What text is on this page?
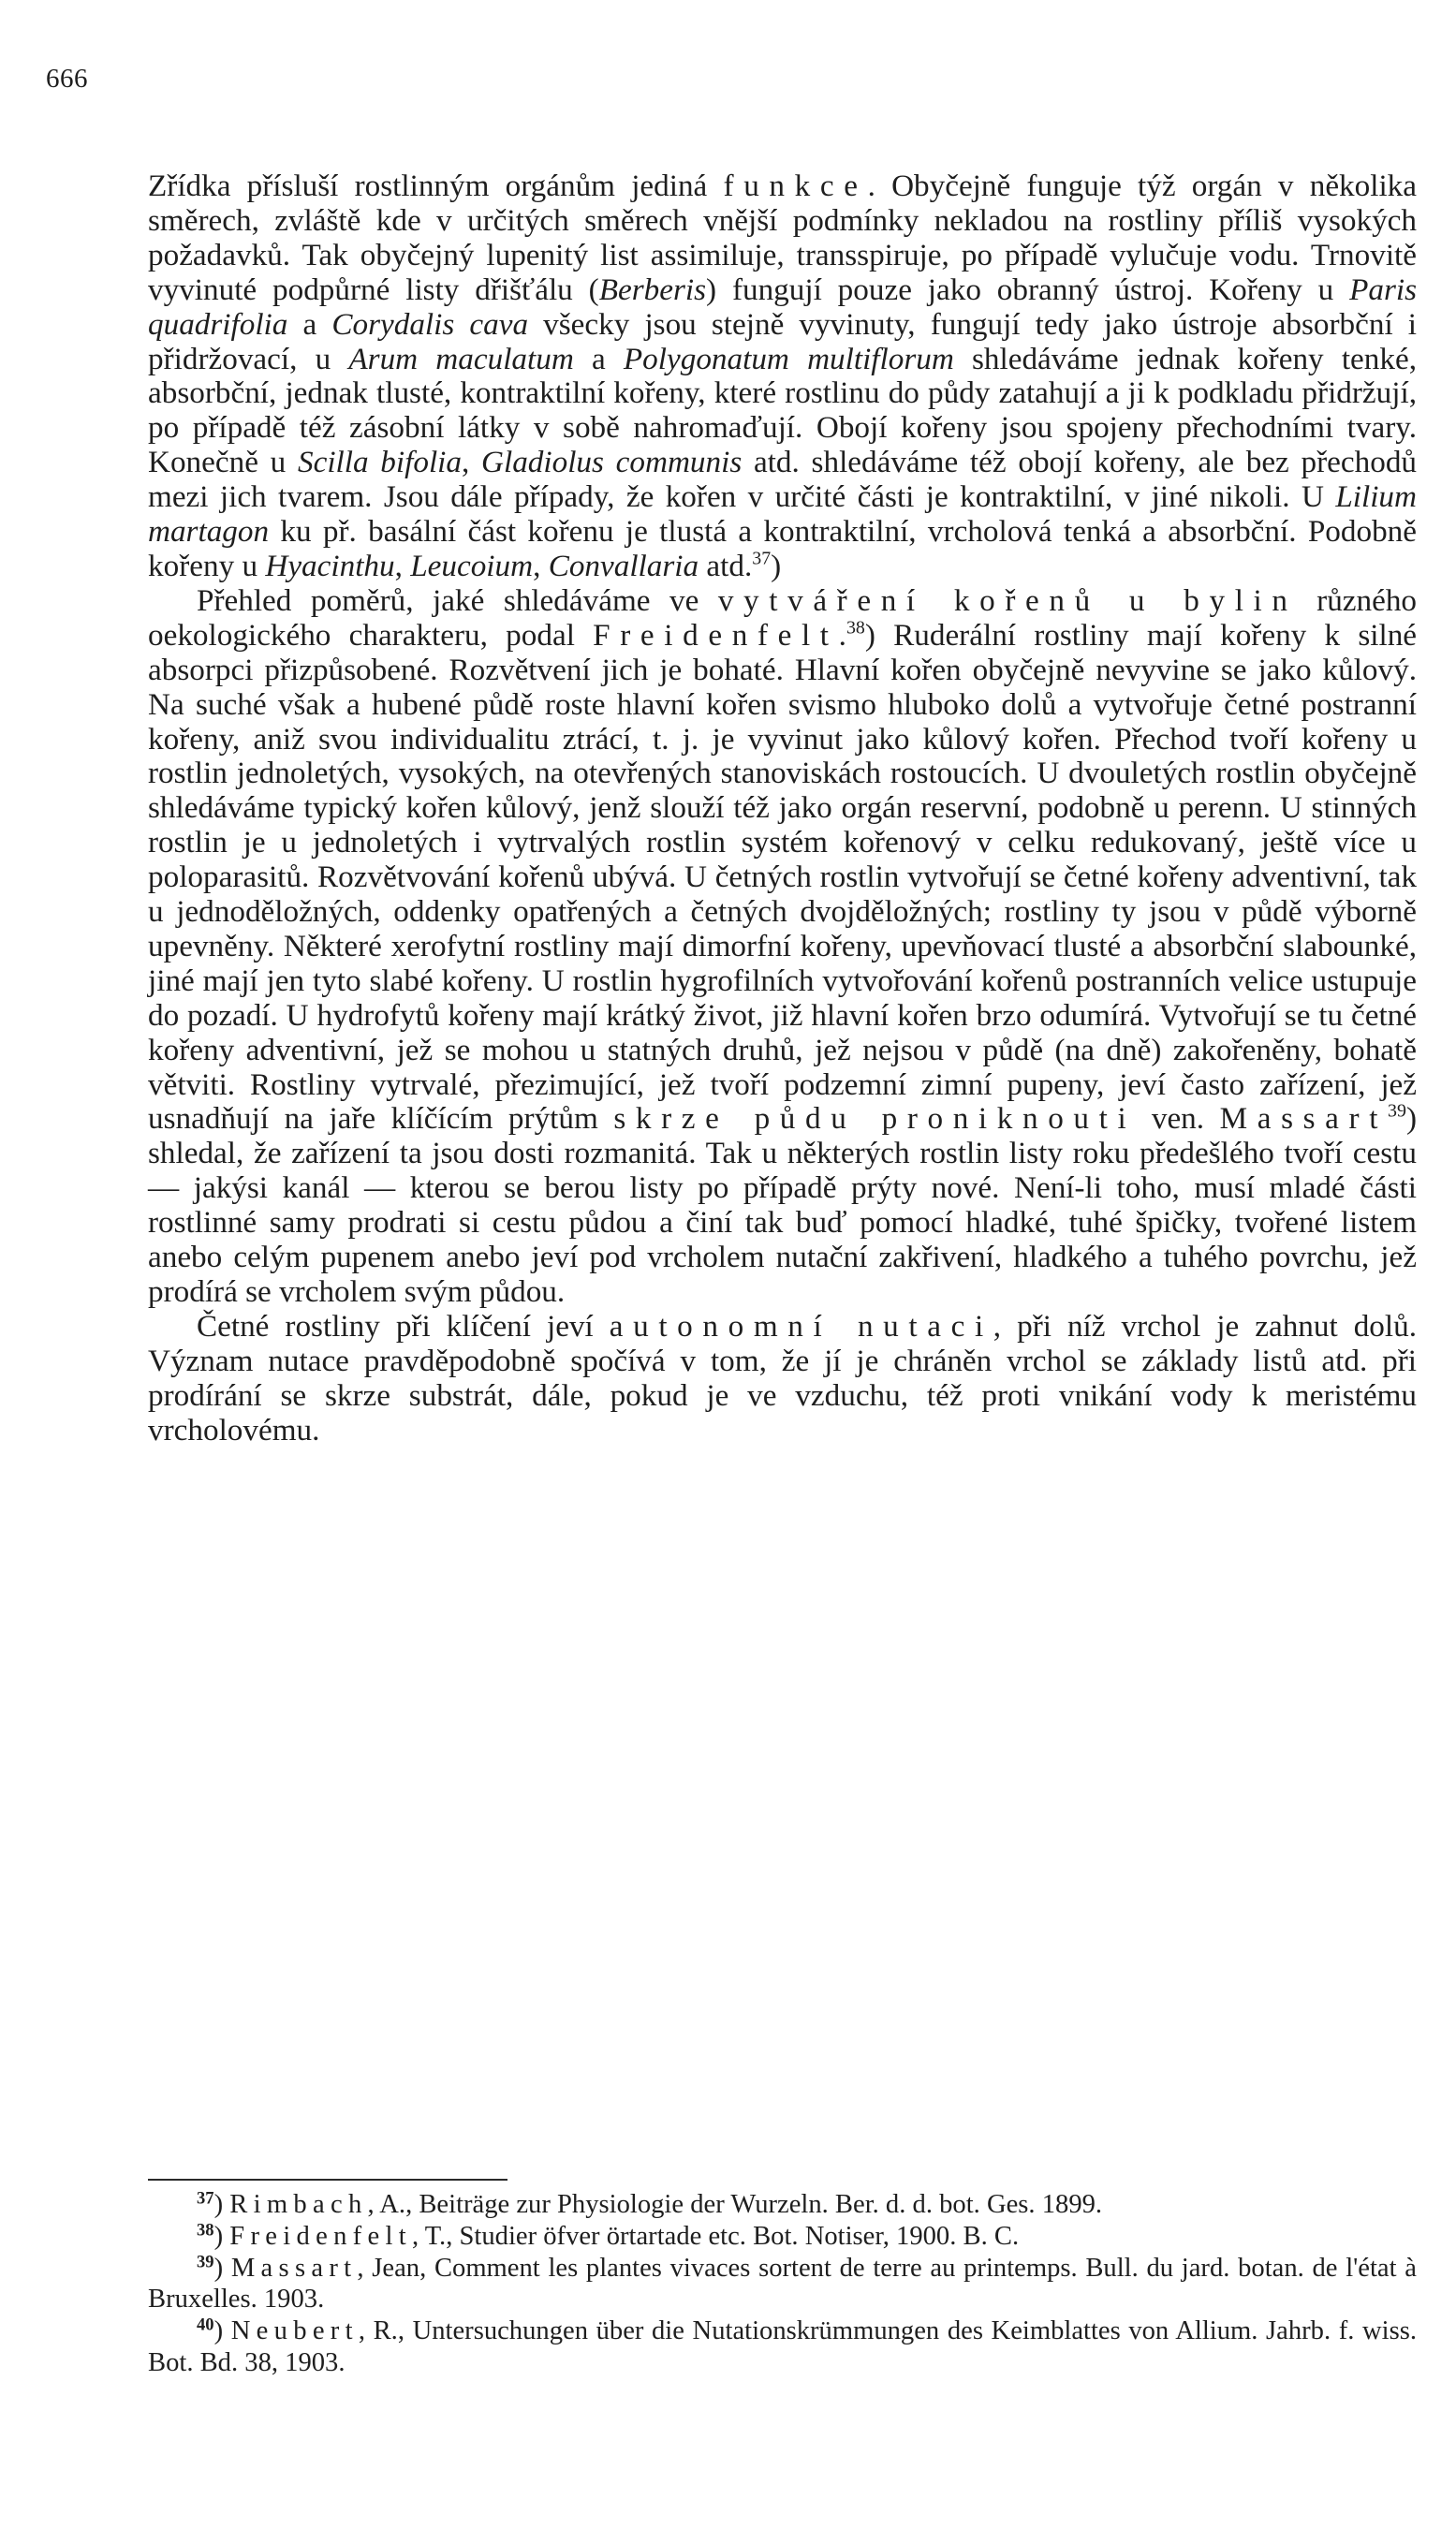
666

Zřídka přísluší rostlinným orgánům jediná funkce. Obyčejně funguje týž orgán v několika směrech, zvláště kde v určitých směrech vnější podmínky nekladou na rostliny příliš vysokých požadavků. Tak obyčejný lupenitý list assimiluje, transspiruje, po případě vylučuje vodu. Trnovitě vyvinuté podpůrné listy dřišťálu (Berberis) fungují pouze jako obranný ústroj. Kořeny u Paris quadrifolia a Corydalis cava všecky jsou stejně vyvinuty, fungují tedy jako ústroje absorbční i přidržovací, u Arum maculatum a Polygonatum multiflorum shledáváme jednak kořeny tenké, absorbční, jednak tlusté, kontraktilní kořeny, které rostlinu do půdy zatahují a ji k podkladu přidržují, po případě též zásobní látky v sobě nahromaďují. Obojí kořeny jsou spojeny přechodními tvary. Konečně u Scilla bifolia, Gladiolus communis atd. shledáváme též obojí kořeny, ale bez přechodů mezi jich tvarem. Jsou dále případy, že kořen v určité části je kontraktilní, v jiné nikoli. U Lilium martagon ku př. basální část kořenu je tlustá a kontraktilní, vrcholová tenká a absorbční. Podobně kořeny u Hyacinthu, Leucoium, Convallaria atd.$^{37}$)

Přehled poměrů, jaké shledáváme ve vytváření kořenů u bylin různého oekologického charakteru, podal Freidenfelt.$^{38}$) Ruderální rostliny mají kořeny k silné absorpci přizpůsobené. Rozvětvení jich je bohaté. Hlavní kořen obyčejně nevyvine se jako kůlový. Na suché však a hubené půdě roste hlavní kořen svismo hluboko dolů a vytvořuje četné postranní kořeny, aniž svou individualitu ztrácí, t. j. je vyvinut jako kůlový kořen. Přechod tvoří kořeny u rostlin jednoletých, vysokých, na otevřených stanoviskách rostoucích. U dvouletých rostlin obyčejně shledáváme typický kořen kůlový, jenž slouží též jako orgán reservní, podobně u perenn. U stinných rostlin je u jednoletých i vytrvalých rostlin systém kořenový v celku redukovaný, ještě více u poloparasitů. Rozvětvování kořenů ubývá. U četných rostlin vytvořují se četné kořeny adventivní, tak u jednoděložných, oddenky opatřených a četných dvojděložných; rostliny ty jsou v půdě výborně upevněny. Některé xerofytní rostliny mají dimorfní kořeny, upevňovací tlusté a absorbční slabounké, jiné mají jen tyto slabé kořeny. U rostlin hygrofilních vytvořování kořenů postranních velice ustupuje do pozadí. U hydrofytů kořeny mají krátký život, již hlavní kořen brzo odumírá. Vytvořují se tu četné kořeny adventivní, jež se mohou u statných druhů, jež nejsou v půdě (na dně) zakořeněny, bohatě větviti. Rostliny vytrvalé, přezimující, jež tvoří podzemní zimní pupeny, jeví často zařízení, jež usnadňují na jaře klíčícím prýtům skrze půdu proniknouti ven. Massart$^{39}$) shledal, že zařízení ta jsou dosti rozmanitá. Tak u některých rostlin listy roku předešlého tvoří cestu — jakýsi kanál — kterou se berou listy po případě prýty nové. Není-li toho, musí mladé části rostlinné samy prodrati si cestu půdou a činí tak buď pomocí hladké, tuhé špičky, tvořené listem anebo celým pupenem anebo jeví pod vrcholem nutační zakřivení, hladkého a tuhého povrchu, jež prodírá se vrcholem svým půdou.

Četné rostliny při klíčení jeví autonomní nutaci, při níž vrchol je zahnut dolů. Význam nutace pravděpodobně spočívá v tom, že jí je chráněn vrchol se základy listů atd. při prodírání se skrze substrát, dále, pokud je ve vzduchu, též proti vnikání vody k meristému vrcholovému.

$^{37}$) Rimbach, A., Beiträge zur Physiologie der Wurzeln. Ber. d. d. bot. Ges. 1899.

$^{38}$) Freidenfelt, T., Studier öfver örtartade etc. Bot. Notiser, 1900. B. C.

$^{39}$) Massart, Jean, Comment les plantes vivaces sortent de terre au printemps. Bull. du jard. botan. de l'état à Bruxelles. 1903.

$^{40}$) Neubert, R., Untersuchungen über die Nutationskrümmungen des Keimblattes von Allium. Jahrb. f. wiss. Bot. Bd. 38, 1903.
